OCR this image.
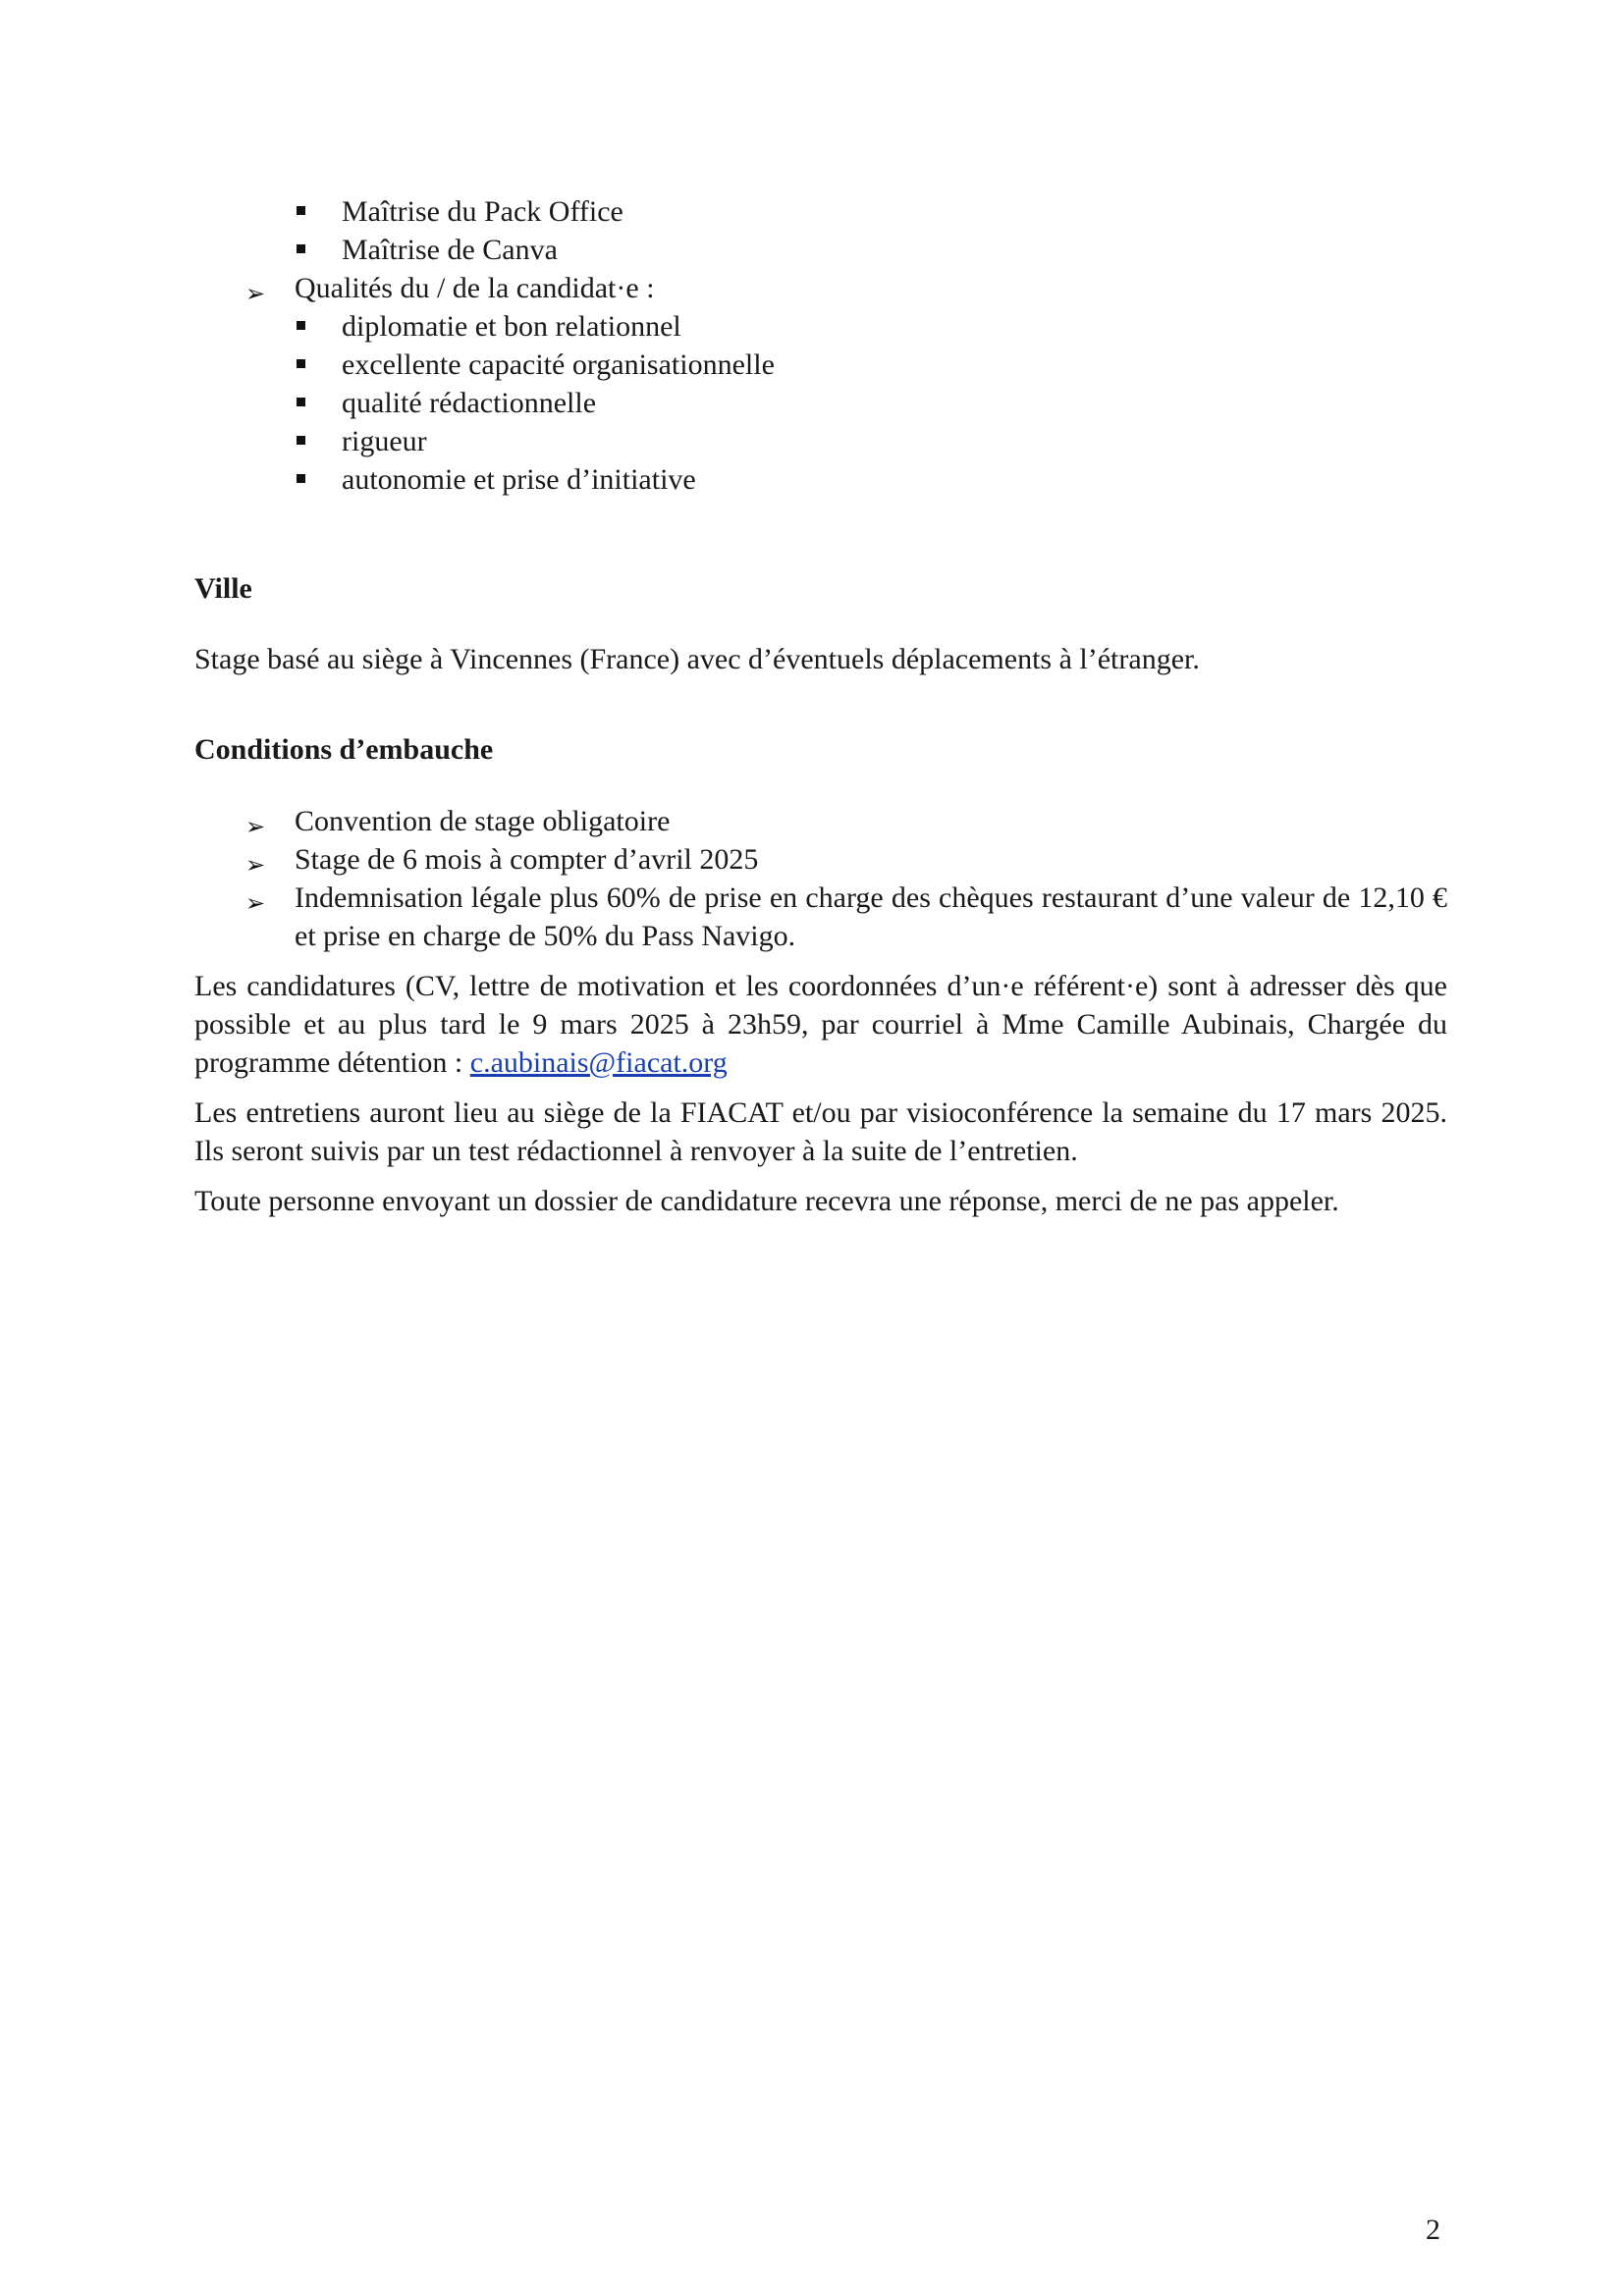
Maîtrise du Pack Office
Maîtrise de Canva
➢ Qualités du / de la candidat·e :
diplomatie et bon relationnel
excellente capacité organisationnelle
qualité rédactionnelle
rigueur
autonomie et prise d’initiative
Ville

Stage basé au siège à Vincennes (France) avec d’éventuels déplacements à l’étranger.

Conditions d’embauche
➢ Convention de stage obligatoire
➢ Stage de 6 mois à compter d’avril 2025
➢ Indemnisation légale plus 60% de prise en charge des chèques restaurant d’une valeur de 12,10 € et prise en charge de 50% du Pass Navigo.

Les candidatures (CV, lettre de motivation et les coordonnées d’un·e référent·e) sont à adresser dès que possible et au plus tard le 9 mars 2025 à 23h59, par courriel à Mme Camille Aubinais, Chargée du programme détention : c.aubinais@fiacat.org

Les entretiens auront lieu au siège de la FIACAT et/ou par visioconférence la semaine du 17 mars 2025. Ils seront suivis par un test rédactionnel à renvoyer à la suite de l’entretien.

Toute personne envoyant un dossier de candidature recevra une réponse, merci de ne pas appeler.

2
